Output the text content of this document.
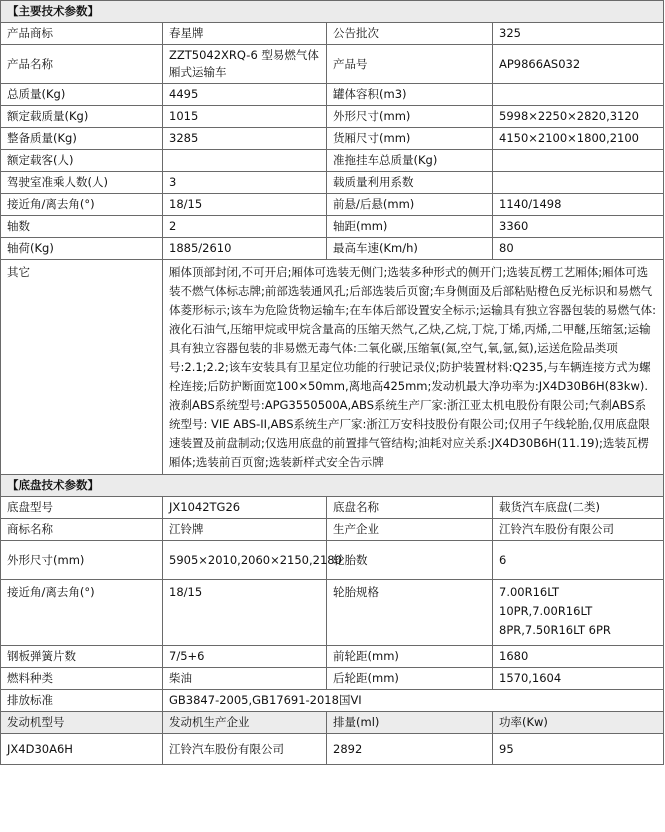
【主要技术参数】			
产品商标	春星牌	公告批次	325
产品名称	ZZT5042XRQ-6 型易燃气体厢式运输车	产品号	AP9866AS032
总质量(Kg)	4495	罐体容积(m3)	
额定载质量(Kg)	1015	外形尺寸(mm)	5998×2250×2820,3120
整备质量(Kg)	3285	货厢尺寸(mm)	4150×2100×1800,2100
额定载客(人)		准拖挂车总质量(Kg)	
驾驶室准乘人数(人)	3	载质量利用系数	
接近角/离去角(°)	18/15	前悬/后悬(mm)	1140/1498
轴数	2	轴距(mm)	3360
轴荷(Kg)	1885/2610	最高车速(Km/h)	80
其它	厢体顶部封闭,不可开启;厢体可选装无侧门;选装多种形式的侧开门;选装瓦楞工艺厢体;厢体可选装不燃气体标志牌;前部选装通风孔;后部选装后页窗;车身侧面及后部粘贴橙色反光标识和易燃气体菱形标示;该车为危险货物运输车;在车体后部设置安全标示;运输具有独立容器包装的易燃气体:液化石油气,压缩甲烷或甲烷含量高的压缩天然气,乙炔,乙烷,丁烷,丁烯,丙烯,二甲醚,压缩氢;运输具有独立容器包装的非易燃无毒气体:二氧化碳,压缩氧(氮,空气,氧,氩,氦),运送危险品类项号:2.1;2.2;该车安装具有卫星定位功能的行驶记录仪;防护装置材料:Q235,与车辆连接方式为螺栓连接;后防护断面宽100×50mm,离地高425mm;发动机最大净功率为:JX4D30B6H(83kw).液刹ABS系统型号:APG3550500A,ABS系统生产厂家:浙江亚太机电股份有限公司;气刹ABS系统型号: VIE ABS-II,ABS系统生产厂家:浙江万安科技股份有限公司;仅用子午线轮胎,仅用底盘限速装置及前盘制动;仅选用底盘的前置排气管结构;油耗对应关系:JX4D30B6H(11.19);选装瓦楞厢体;选装前百页窗;选装新样式安全告示牌		
【底盘技术参数】			
底盘型号	JX1042TG26	底盘名称	载货汽车底盘(二类)
商标名称	江铃牌	生产企业	江铃汽车股份有限公司
外形尺寸(mm)	5905×2010,2060×2150,2180	轮胎数	6
接近角/离去角(°)	18/15	轮胎规格	7.00R16LT
10PR,7.00R16LT
8PR,7.50R16LT 6PR

钢板弹簧片数	7/5+6	前轮距(mm)	1680
燃料种类	柴油	后轮距(mm)	1570,1604
排放标准	GB3847-2005,GB17691-2018国VI		
发动机型号	发动机生产企业	排量(ml)	功率(Kw)
JX4D30A6H	江铃汽车股份有限公司	2892	95
